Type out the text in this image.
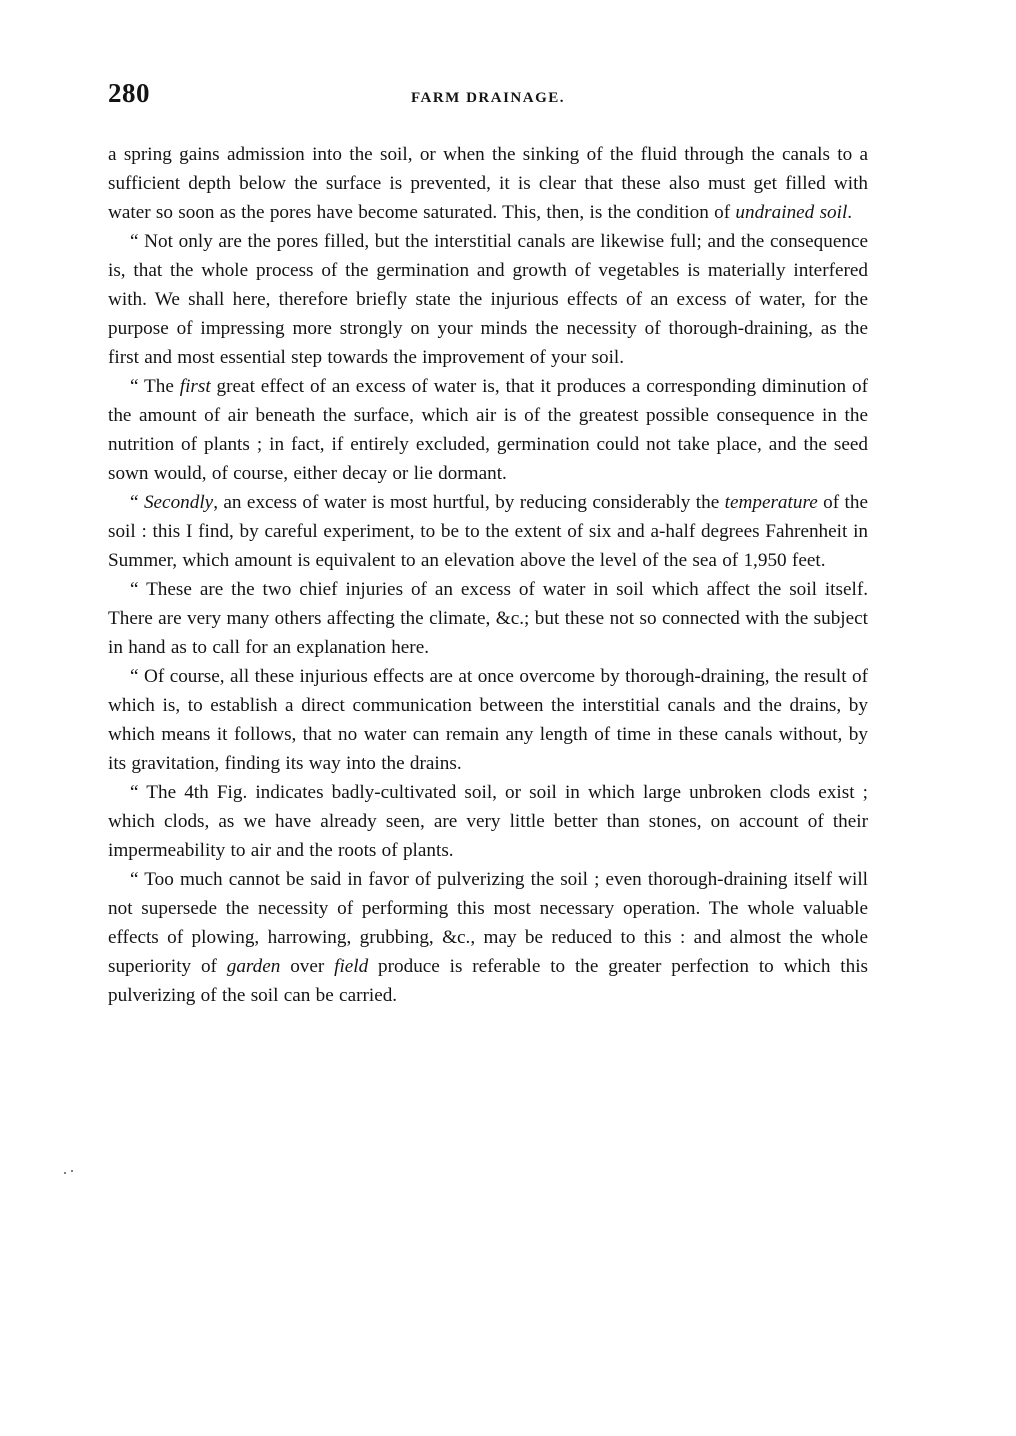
280	FARM DRAINAGE.

a spring gains admission into the soil, or when the sinking of the fluid through the canals to a sufficient depth below the surface is prevented, it is clear that these also must get filled with water so soon as the pores have become saturated. This, then, is the condition of undrained soil.

“ Not only are the pores filled, but the interstitial canals are likewise full; and the consequence is, that the whole process of the germination and growth of vegetables is materially interfered with. We shall here, therefore briefly state the injurious effects of an excess of water, for the purpose of impressing more strongly on your minds the necessity of thorough-draining, as the first and most essential step towards the improvement of your soil.

“ The first great effect of an excess of water is, that it produces a corresponding diminution of the amount of air beneath the surface, which air is of the greatest possible consequence in the nutrition of plants ; in fact, if entirely excluded, germination could not take place, and the seed sown would, of course, either decay or lie dormant.

“ Secondly, an excess of water is most hurtful, by reducing considerably the temperature of the soil : this I find, by careful experiment, to be to the extent of six and a-half degrees Fahrenheit in Summer, which amount is equivalent to an elevation above the level of the sea of 1,950 feet.

“ These are the two chief injuries of an excess of water in soil which affect the soil itself. There are very many others affecting the climate, &c.; but these not so connected with the subject in hand as to call for an explanation here.

“ Of course, all these injurious effects are at once overcome by thorough-draining, the result of which is, to establish a direct communication between the interstitial canals and the drains, by which means it follows, that no water can remain any length of time in these canals without, by its gravitation, finding its way into the drains.

“ The 4th Fig. indicates badly-cultivated soil, or soil in which large unbroken clods exist ; which clods, as we have already seen, are very little better than stones, on account of their impermeability to air and the roots of plants.

“ Too much cannot be said in favor of pulverizing the soil ; even thorough-draining itself will not supersede the necessity of performing this most necessary operation. The whole valuable effects of plowing, harrowing, grubbing, &c., may be reduced to this : and almost the whole superiority of garden over field produce is referable to the greater perfection to which this pulverizing of the soil can be carried.
